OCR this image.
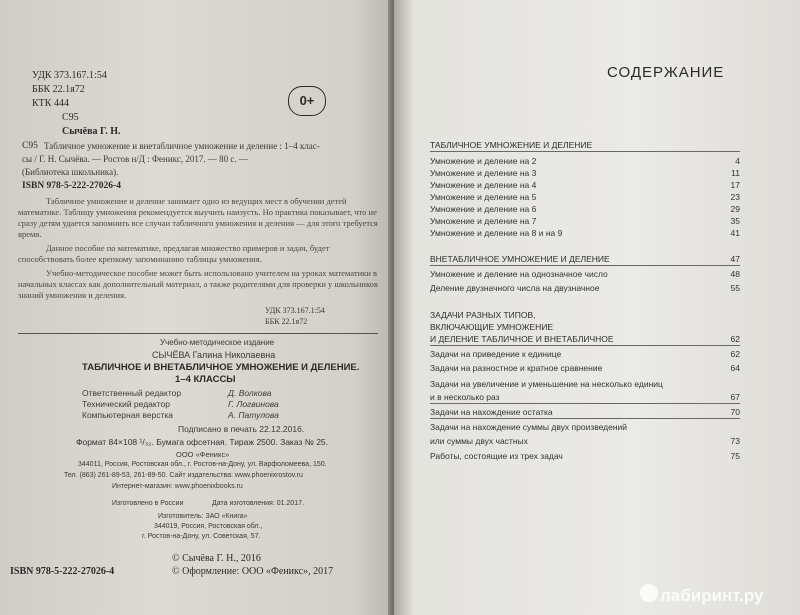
УДК 373.167.1:54
ББК 22.1я72
КТК 444
С95
0+
Сычёва Г. Н.
С95 Табличное умножение и внетабличное умножение и деление : 1–4 клас-
сы / Г. Н. Сычёва. — Ростов н/Д : Феникс, 2017. — 80 с. —
(Библиотека школьника).
ISBN 978-5-222-27026-4

Табличное умножение и деление занимает одно из ведущих мест в обучении детей математике. Таблицу умножения рекомендуется выучить наизусть. Но практика показывает, что не сразу детям удается запомнить все случаи табличного умножения и деления — для этого требуется время.

Данное пособие по математике, предлагая множество примеров и задач, будет способствовать более крепкому запоминанию таблицы умножения.

Учебно-методическое пособие может быть использовано учителем на уроках математики в начальных классах как дополнительный материал, а также родителями для проверки у школьников знаний умножения и деления.

УДК 373.167.1:54
ББК 22.1я72
Учебно-методическое издание
СЫЧЁВА Галина Николаевна
ТАБЛИЧНОЕ И ВНЕТАБЛИЧНОЕ УМНОЖЕНИЕ И ДЕЛЕНИЕ.
1–4 КЛАССЫ
Ответственный редактор	Д. Волкова
Технический редактор	Г. Логвинова
Компьютерная верстка	А. Патулова
Подписано в печать 22.12.2016.
Формат 84×108 ¹/₃₂. Бумага офсетная. Тираж 2500. Заказ № 25.
ООО «Феникс»
344011, Россия, Ростовская обл., г. Ростов-на-Дону, ул. Варфоломеева, 150.
Тел. (863) 261-89-53, 261-89-50. Сайт издательства: www.phoenixrostov.ru
Интернет-магазин: www.phoenixbooks.ru
Изготовлено в России	Дата изготовления: 01.2017.
Изготовитель: ЗАО «Книга»
344019, Россия, Ростовская обл.,
г. Ростов-на-Дону, ул. Советская, 57.
© Сычёва Г. Н., 2016
ISBN 978-5-222-27026-4	© Оформление: ООО «Феникс», 2017
СОДЕРЖАНИЕ
ТАБЛИЧНОЕ УМНОЖЕНИЕ И ДЕЛЕНИЕ
Умножение и деление на 2	4
Умножение и деление на 3	11
Умножение и деление на 4	17
Умножение и деление на 5	23
Умножение и деление на 6	29
Умножение и деление на 7	35
Умножение и деление на 8 и на 9	41
ВНЕТАБЛИЧНОЕ УМНОЖЕНИЕ И ДЕЛЕНИЕ	47
Умножение и деление на однозначное число	48
Деление двузначного числа на двузначное	55
ЗАДАЧИ РАЗНЫХ ТИПОВ,
ВКЛЮЧАЮЩИЕ УМНОЖЕНИЕ
И ДЕЛЕНИЕ ТАБЛИЧНОЕ И ВНЕТАБЛИЧНОЕ	62
Задачи на приведение к единице	62
Задачи на разностное и кратное сравнение	64
Задачи на увеличение и уменьшение на несколько единиц
и в несколько раз	67
Задачи на нахождение остатка	70
Задачи на нахождение суммы двух произведений
или суммы двух частных	73
Работы, состоящие из трех задач	75
лабиринт.ру
